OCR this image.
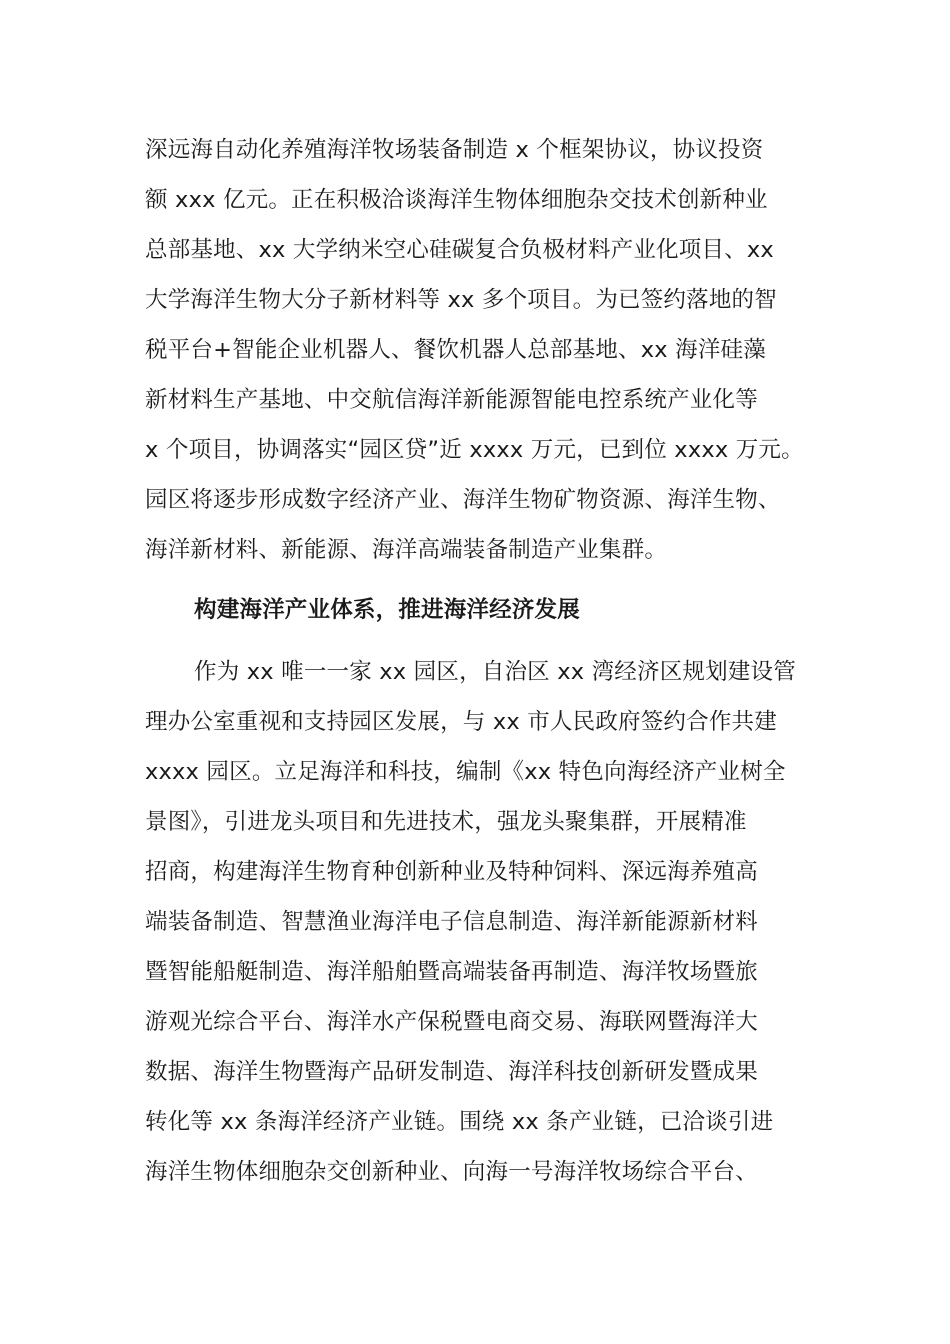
深远海自动化养殖海洋牧场装备制造 x 个框架协议，协议投资
额 xxx 亿元。正在积极洽谈海洋生物体细胞杂交技术创新种业
总部基地、xx 大学纳米空心硅碳复合负极材料产业化项目、xx
大学海洋生物大分子新材料等 xx 多个项目。为已签约落地的智
税平台+智能企业机器人、餐饮机器人总部基地、xx 海洋硅藻
新材料生产基地、中交航信海洋新能源智能电控系统产业化等
x 个项目，协调落实“园区贷”近 xxxx 万元，已到位 xxxx 万元。
园区将逐步形成数字经济产业、海洋生物矿物资源、海洋生物、
海洋新材料、新能源、海洋高端装备制造产业集群。
构建海洋产业体系，推进海洋经济发展
作为 xx 唯一一家 xx 园区，自治区 xx 湾经济区规划建设管
理办公室重视和支持园区发展，与 xx 市人民政府签约合作共建
xxxx 园区。立足海洋和科技，编制《xx 特色向海经济产业树全
景图》，引进龙头项目和先进技术，强龙头聚集群，开展精准
招商，构建海洋生物育种创新种业及特种饲料、深远海养殖高
端装备制造、智慧渔业海洋电子信息制造、海洋新能源新材料
暨智能船艇制造、海洋船舶暨高端装备再制造、海洋牧场暨旅
游观光综合平台、海洋水产保税暨电商交易、海联网暨海洋大
数据、海洋生物暨海产品研发制造、海洋科技创新研发暨成果
转化等 xx 条海洋经济产业链。围绕 xx 条产业链，已洽谈引进
海洋生物体细胞杂交创新种业、向海一号海洋牧场综合平台、
